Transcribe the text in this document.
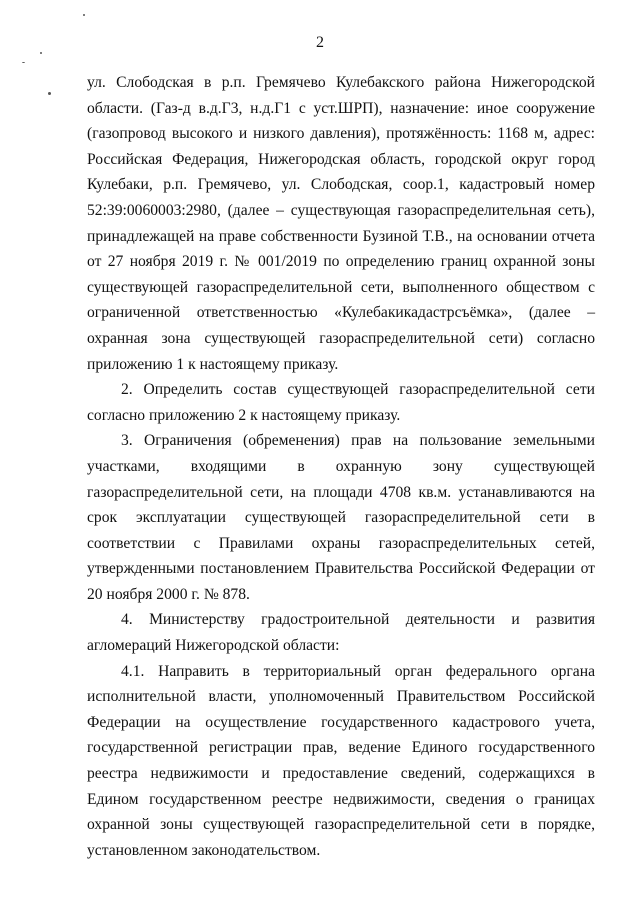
2

ул. Слободская в р.п. Гремячево Кулебакского района Нижегородской области. (Газ-д в.д.Г3, н.д.Г1 с уст.ШРП), назначение: иное сооружение (газопровод высокого и низкого давления), протяжённость: 1168 м, адрес: Российская Федерация, Нижегородская область, городской округ город Кулебаки, р.п. Гремячево, ул. Слободская, соор.1, кадастровый номер 52:39:0060003:2980, (далее – существующая газораспределительная сеть), принадлежащей на праве собственности Бузиной Т.В., на основании отчета от 27 ноября 2019 г. № 001/2019 по определению границ охранной зоны существующей газораспределительной сети, выполненного обществом с ограниченной ответственностью «Кулебакикадастрсъёмка», (далее – охранная зона существующей газораспределительной сети) согласно приложению 1 к настоящему приказу.

2. Определить состав существующей газораспределительной сети согласно приложению 2 к настоящему приказу.

3. Ограничения (обременения) прав на пользование земельными участками, входящими в охранную зону существующей газораспределительной сети, на площади 4708 кв.м. устанавливаются на срок эксплуатации существующей газораспределительной сети в соответствии с Правилами охраны газораспределительных сетей, утвержденными постановлением Правительства Российской Федерации от 20 ноября 2000 г. № 878.

4. Министерству градостроительной деятельности и развития агломераций Нижегородской области:

4.1. Направить в территориальный орган федерального органа исполнительной власти, уполномоченный Правительством Российской Федерации на осуществление государственного кадастрового учета, государственной регистрации прав, ведение Единого государственного реестра недвижимости и предоставление сведений, содержащихся в Едином государственном реестре недвижимости, сведения о границах охранной зоны существующей газораспределительной сети в порядке, установленном законодательством.
